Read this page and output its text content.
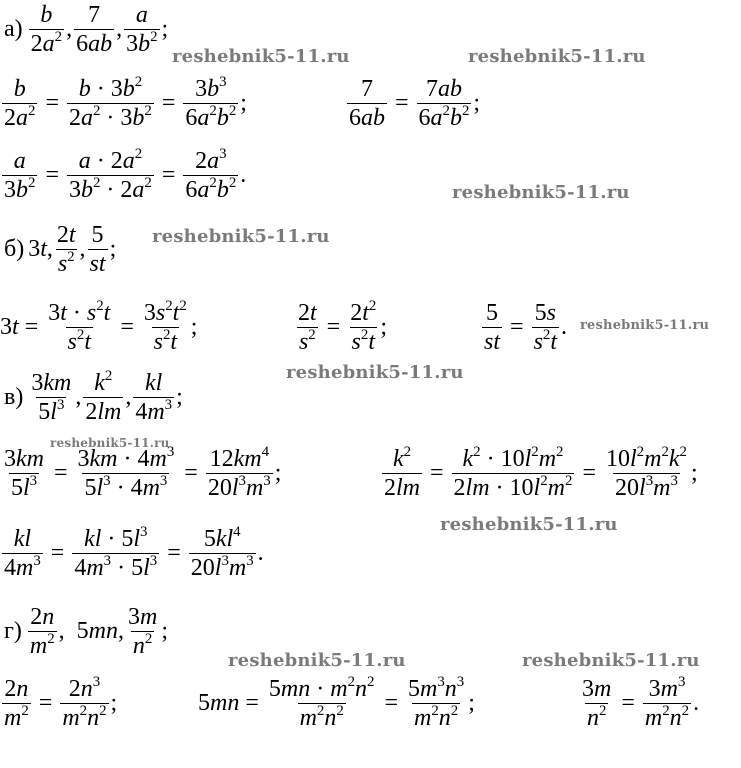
$а) \frac{b}{2a^2}$ , $\frac{7}{6ab}$ , $\frac{a}{3b^2}$ ;
$\frac{b}{2a^2} = \frac{b \cdot 3b^2}{2a^2 \cdot 3b^2} = \frac{3b^3}{6a^2b^2}$ ;	$\frac{7}{6ab} = \frac{7ab}{6a^2b^2}$ ;
$\frac{a}{3b^2} = \frac{a \cdot 2a^2}{3b^2 \cdot 2a^2} = \frac{2a^3}{6a^2b^2}$ .
б) 3 t , $\frac{2t}{s^2}$ , $\frac{5}{st}$ ;
3 $t = \frac{3t \cdot s^2t}{s^2t} = \frac{3s^2t^2}{s^2t}$ ;	$\frac{2t}{s^2} = \frac{2t^2}{s^2t}$ ;	$\frac{5}{st} = \frac{5s}{s^2t}$ .
$в) \frac{3km}{5l^3}$ , $\frac{k^2}{2lm}$ , $\frac{kl}{4m^3}$ ;
$\frac{3km}{5l^3} = \frac{3km \cdot 4m^3}{5l^3 \cdot 4m^3} = \frac{12km^4}{20l^3m^3}$ ;	$\frac{k^2}{2lm} = \frac{k^2 \cdot 10l^2m^2}{2lm \cdot 10l^2m^2} = \frac{10l^2m^2k^2}{20l^3m^3}$ ;
$\frac{kl}{4m^3} = \frac{kl \cdot 5l^3}{4m^3 \cdot 5l^3} = \frac{5kl^4}{20l^3m^3}$ .
$г) \frac{2n}{m^2}$ ,  5 mn , $\frac{3m}{n^2}$ ;
$\frac{2n}{m^2} = \frac{2n^3}{m^2n^2}$ ;	5 mn = $\frac{5mn \cdot m^2n^2}{m^2n^2} = \frac{5m^3n^3}{m^2n^2}$ ;	$\frac{3m}{n^2} = \frac{3m^3}{m^2n^2}$ .
reshebnik5-11.ru	reshebnik5-11.ru
reshebnik5-11.ru
reshebnik5-11.ru
reshebnik5-11.ru
reshebnik5-11.ru
reshebnik5-11.ru
reshebnik5-11.ru
reshebnik5-11.ru	reshebnik5-11.ru
